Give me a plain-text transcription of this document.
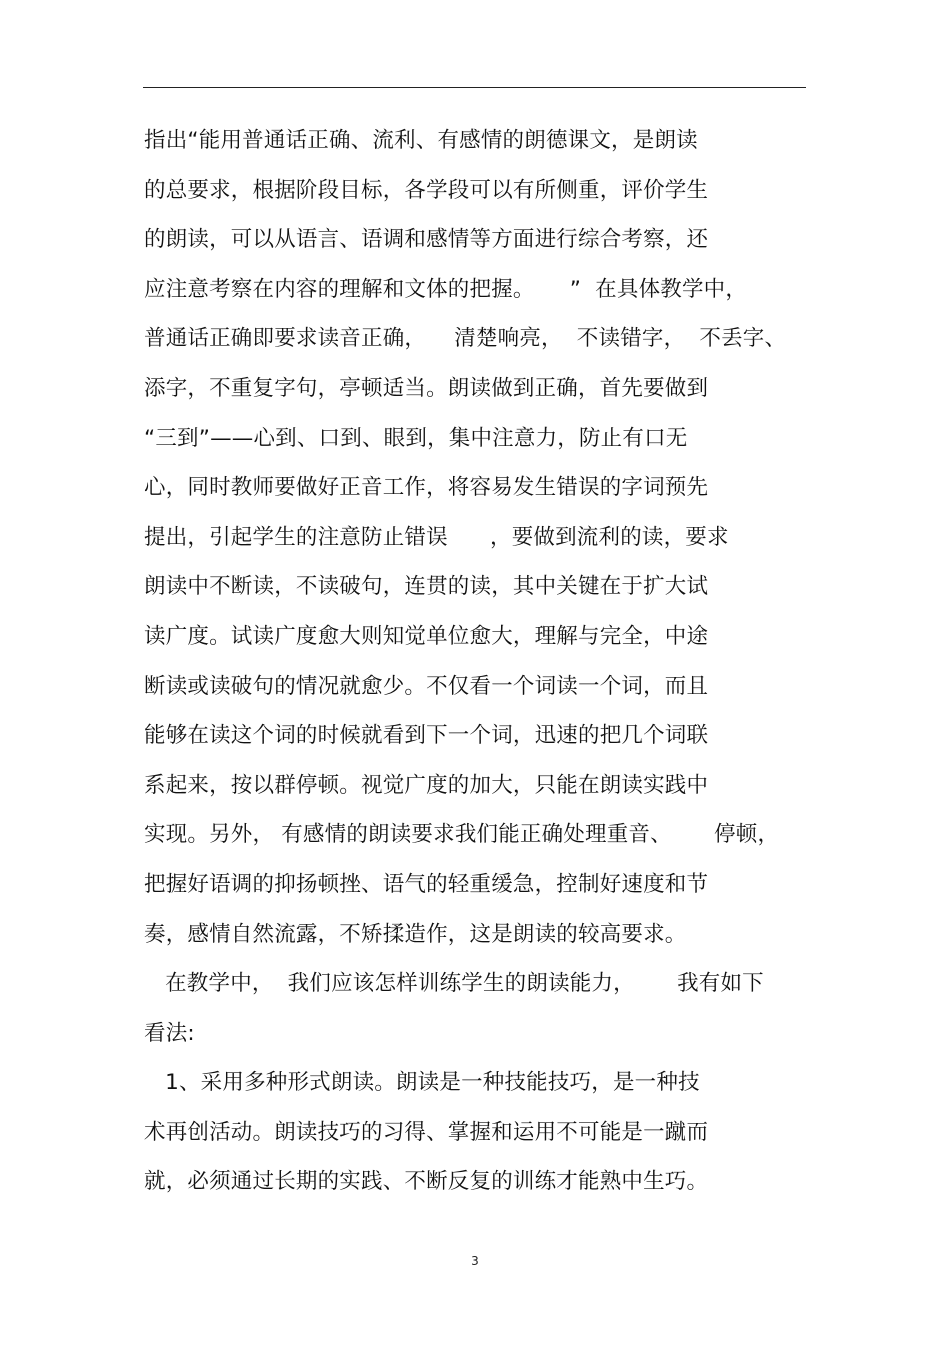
指出“能用普通话正确、流利、有感情的朗德课文，是朗读
的总要求，根据阶段目标，各学段可以有所侧重，评价学生
的朗读，可以从语言、语调和感情等方面进行综合考察，还
应注意考察在内容的理解和文体的把握。     ”  在具体教学中，
普通话正确即要求读音正确，    清楚响亮，  不读错字，  不丢字、
添字，不重复字句，亭顿适当。朗读做到正确，首先要做到
“三到”——心到、口到、眼到，集中注意力，防止有口无
心，同时教师要做好正音工作，将容易发生错误的字词预先
提出，引起学生的注意防止错误      ，要做到流利的读，要求
朗读中不断读，不读破句，连贯的读，其中关键在于扩大试
读广度。试读广度愈大则知觉单位愈大，理解与完全，中途
断读或读破句的情况就愈少。不仅看一个词读一个词，而且
能够在读这个词的时候就看到下一个词，迅速的把几个词联
系起来，按以群停顿。视觉广度的加大，只能在朗读实践中
实现。另外， 有感情的朗读要求我们能正确处理重音、      停顿，
把握好语调的抑扬顿挫、语气的轻重缓急，控制好速度和节
奏，感情自然流露，不矫揉造作，这是朗读的较高要求。
在教学中，  我们应该怎样训练学生的朗读能力，      我有如下
看法:
1、采用多种形式朗读。朗读是一种技能技巧，是一种技
术再创活动。朗读技巧的习得、掌握和运用不可能是一蹴而
就，必须通过长期的实践、不断反复的训练才能熟中生巧。
3
